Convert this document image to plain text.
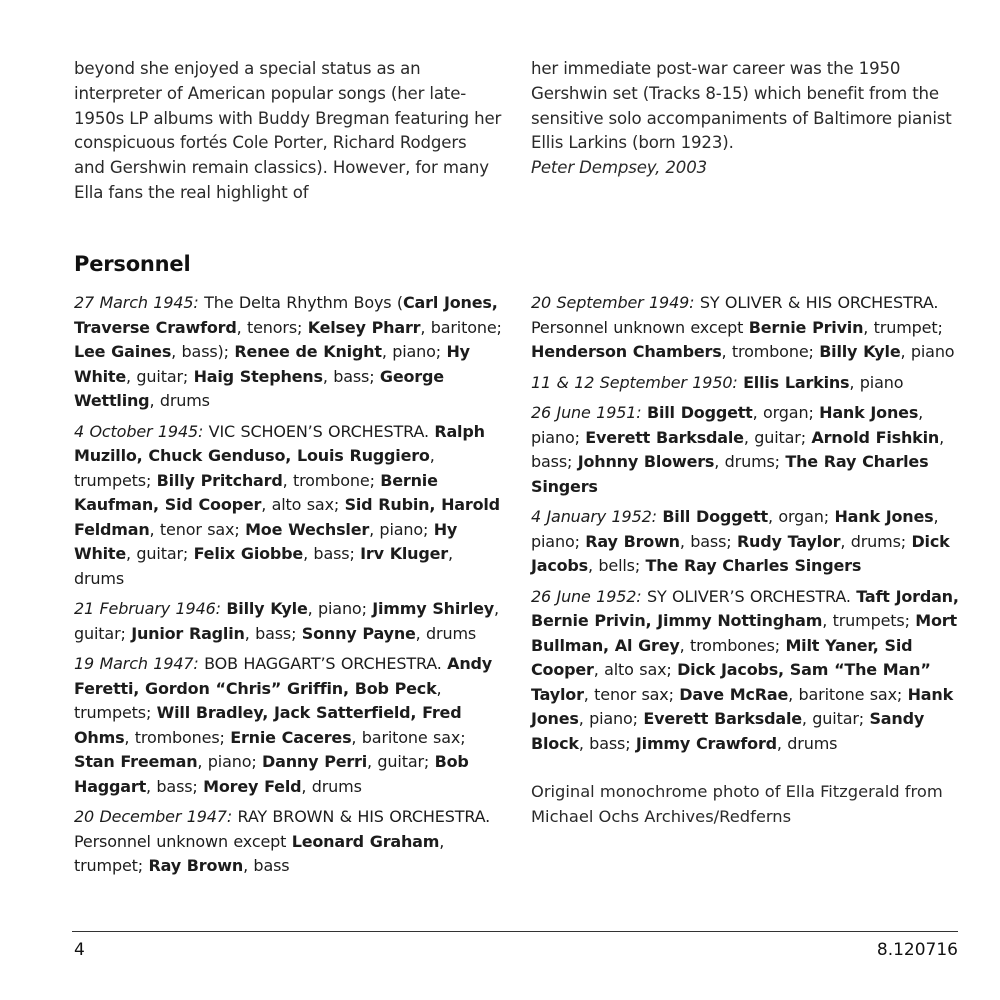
beyond she enjoyed a special status as an interpreter of American popular songs (her late-1950s LP albums with Buddy Bregman featuring her conspicuous fortés Cole Porter, Richard Rodgers and Gershwin remain classics). However, for many Ella fans the real highlight of

her immediate post-war career was the 1950 Gershwin set (Tracks 8-15) which benefit from the sensitive solo accompaniments of Baltimore pianist Ellis Larkins (born 1923).

Peter Dempsey, 2003

Personnel

27 March 1945: The Delta Rhythm Boys (Carl Jones, Traverse Crawford, tenors; Kelsey Pharr, baritone; Lee Gaines, bass); Renee de Knight, piano; Hy White, guitar; Haig Stephens, bass; George Wettling, drums

4 October 1945: VIC SCHOEN’S ORCHESTRA. Ralph Muzillo, Chuck Genduso, Louis Ruggiero, trumpets; Billy Pritchard, trombone; Bernie Kaufman, Sid Cooper, alto sax; Sid Rubin, Harold Feldman, tenor sax; Moe Wechsler, piano; Hy White, guitar; Felix Giobbe, bass; Irv Kluger, drums

21 February 1946: Billy Kyle, piano; Jimmy Shirley, guitar; Junior Raglin, bass; Sonny Payne, drums

19 March 1947: BOB HAGGART’S ORCHESTRA. Andy Feretti, Gordon “Chris” Griffin, Bob Peck, trumpets; Will Bradley, Jack Satterfield, Fred Ohms, trombones; Ernie Caceres, baritone sax; Stan Freeman, piano; Danny Perri, guitar; Bob Haggart, bass; Morey Feld, drums

20 December 1947: RAY BROWN & HIS ORCHESTRA. Personnel unknown except Leonard Graham, trumpet; Ray Brown, bass

20 September 1949: SY OLIVER & HIS ORCHESTRA. Personnel unknown except Bernie Privin, trumpet; Henderson Chambers, trombone; Billy Kyle, piano

11 & 12 September 1950: Ellis Larkins, piano

26 June 1951: Bill Doggett, organ; Hank Jones, piano; Everett Barksdale, guitar; Arnold Fishkin, bass; Johnny Blowers, drums; The Ray Charles Singers

4 January 1952: Bill Doggett, organ; Hank Jones, piano; Ray Brown, bass; Rudy Taylor, drums; Dick Jacobs, bells; The Ray Charles Singers

26 June 1952: SY OLIVER’S ORCHESTRA. Taft Jordan, Bernie Privin, Jimmy Nottingham, trumpets; Mort Bullman, Al Grey, trombones; Milt Yaner, Sid Cooper, alto sax; Dick Jacobs, Sam “The Man” Taylor, tenor sax; Dave McRae, baritone sax; Hank Jones, piano; Everett Barksdale, guitar; Sandy Block, bass; Jimmy Crawford, drums

Original monochrome photo of Ella Fitzgerald from Michael Ochs Archives/Redferns

4	8.120716
